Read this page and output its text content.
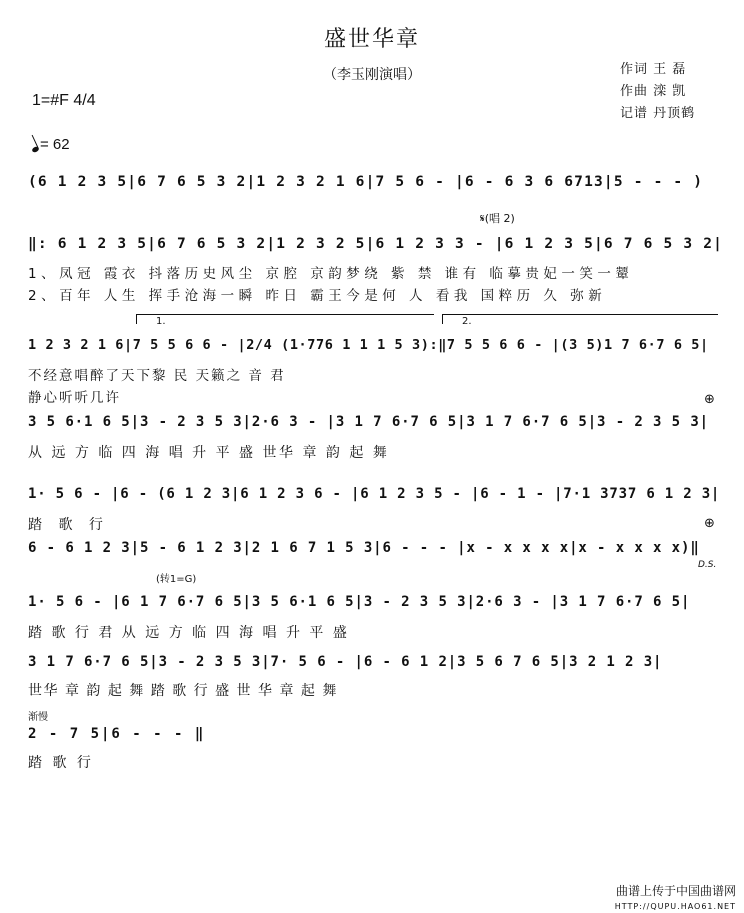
盛世华章
（李玉刚演唱）	作词 王 磊
作曲 滦 凯
记谱 丹顶鹤
1=#F 4/4
= 62
(6 1 2 3 5|6 7 6 5 3 2|1 2 3 2 1 6|7 5 6 - |6 - 6 3 6 6713|5 - - - )
𝄋(唱 2)
‖: 6 1 2 3 5|6 7 6 5 3 2|1 2 3 2 5|6 1 2 3 3 - |6 1 2 3 5|6 7 6 5 3 2|
1、凤冠 霞衣 抖落历史风尘 京腔 京韵梦绕 紫 禁 谁有 临摹贵妃一笑一颦
2、百年 人生 挥手沧海一瞬 昨日 霸王今是何 人 看我 国粹历 久 弥新
1.	2.
1 2 3 2 1 6|7 5 5 6 6 - |2/4 (1·776 1 1 1 5 3):‖7 5 5 6 6 - |(3 5)1 7 6·7 6 5|
不经意唱醉了天下黎 民 天籁之 音 君
静心听听几许	⊕
3 5 6·1 6 5|3 - 2 3 5 3|2·6 3 - |3 1 7 6·7 6 5|3 1 7 6·7 6 5|3 - 2 3 5 3|
从 远 方 临 四 海 唱 升 平 盛 世华 章 韵 起 舞
1· 5 6 - |6 - (6 1 2 3|6 1 2 3 6 - |6 1 2 3 5 - |6 - 1 - |7·1 3737 6 1 2 3|
踏 歌 行	⊕
6 - 6 1 2 3|5 - 6 1 2 3|2 1 6 7 1 5 3|6 - - - |x - x x x x|x - x x x x)‖
D.S.
(转1=G)
1· 5 6 - |6 1 7 6·7 6 5|3 5 6·1 6 5|3 - 2 3 5 3|2·6 3 - |3 1 7 6·7 6 5|
踏 歌 行 君 从 远 方 临 四 海 唱 升 平 盛
3 1 7 6·7 6 5|3 - 2 3 5 3|7· 5 6 - |6 - 6 1 2|3 5 6 7 6 5|3 2 1 2 3|
世华 章 韵 起 舞 踏 歌 行 盛 世 华 章 起 舞
渐慢
2 - 7 5|6 - - - ‖
踏 歌 行
曲谱上传于中国曲谱网
HTTP://QUPU.HAO61.NET
